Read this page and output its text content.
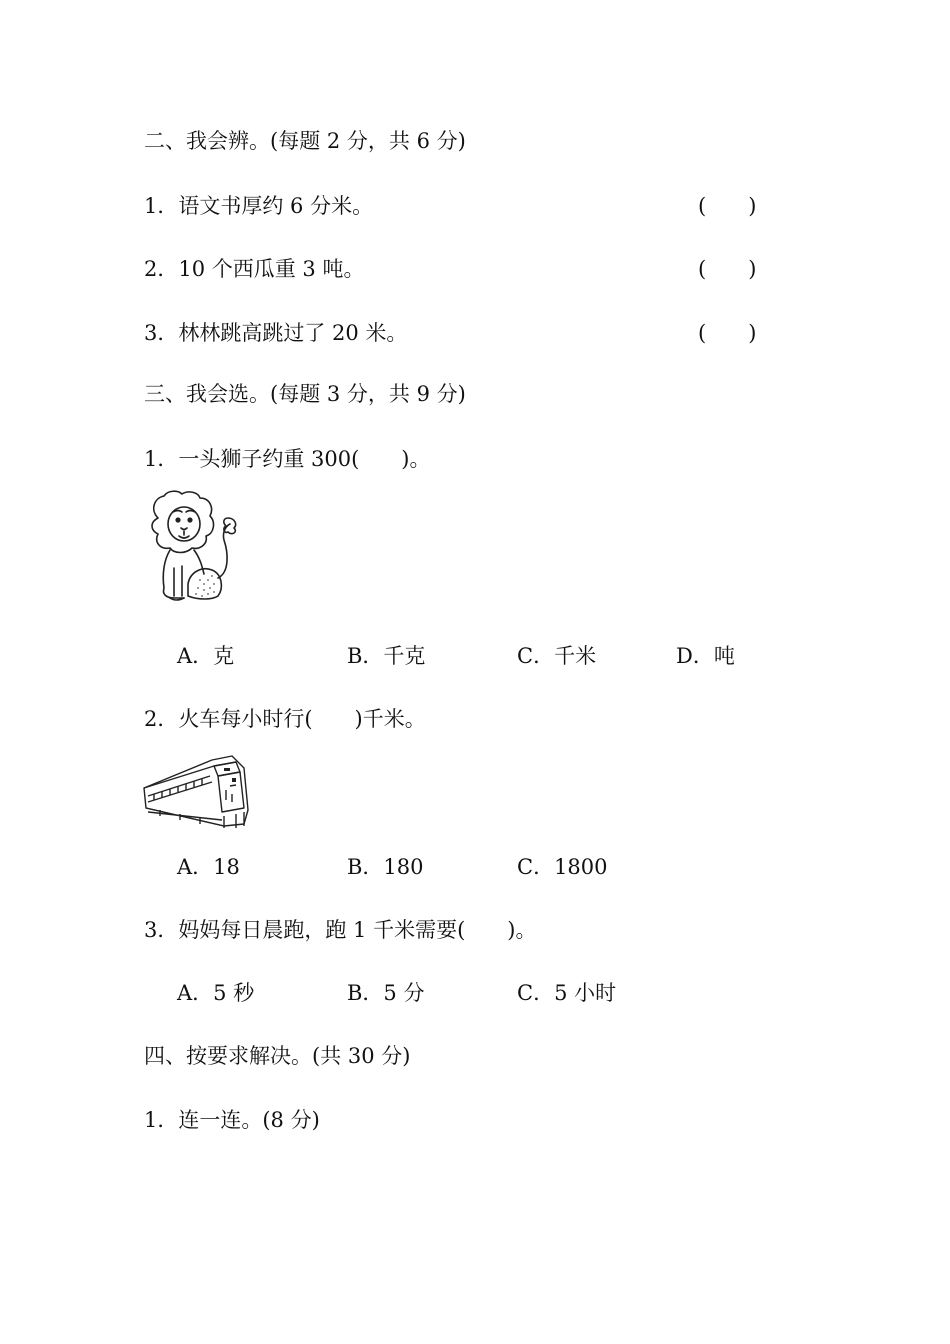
二、我会辨。(每题 2 分，共 6 分)
1．语文书厚约 6 分米。	(　　)
2．10 个西瓜重 3 吨。	(　　)
3．林林跳高跳过了 20 米。	(　　)
三、我会选。(每题 3 分，共 9 分)
1．一头狮子约重 300(　　)。
A．克	B．千克	C．千米	D．吨
2．火车每小时行(　　)千米。
A．18	B．180	C．1800
3．妈妈每日晨跑，跑 1 千米需要(　　)。
A．5 秒	B．5 分	C．5 小时
四、按要求解决。(共 30 分)
1．连一连。(8 分)
